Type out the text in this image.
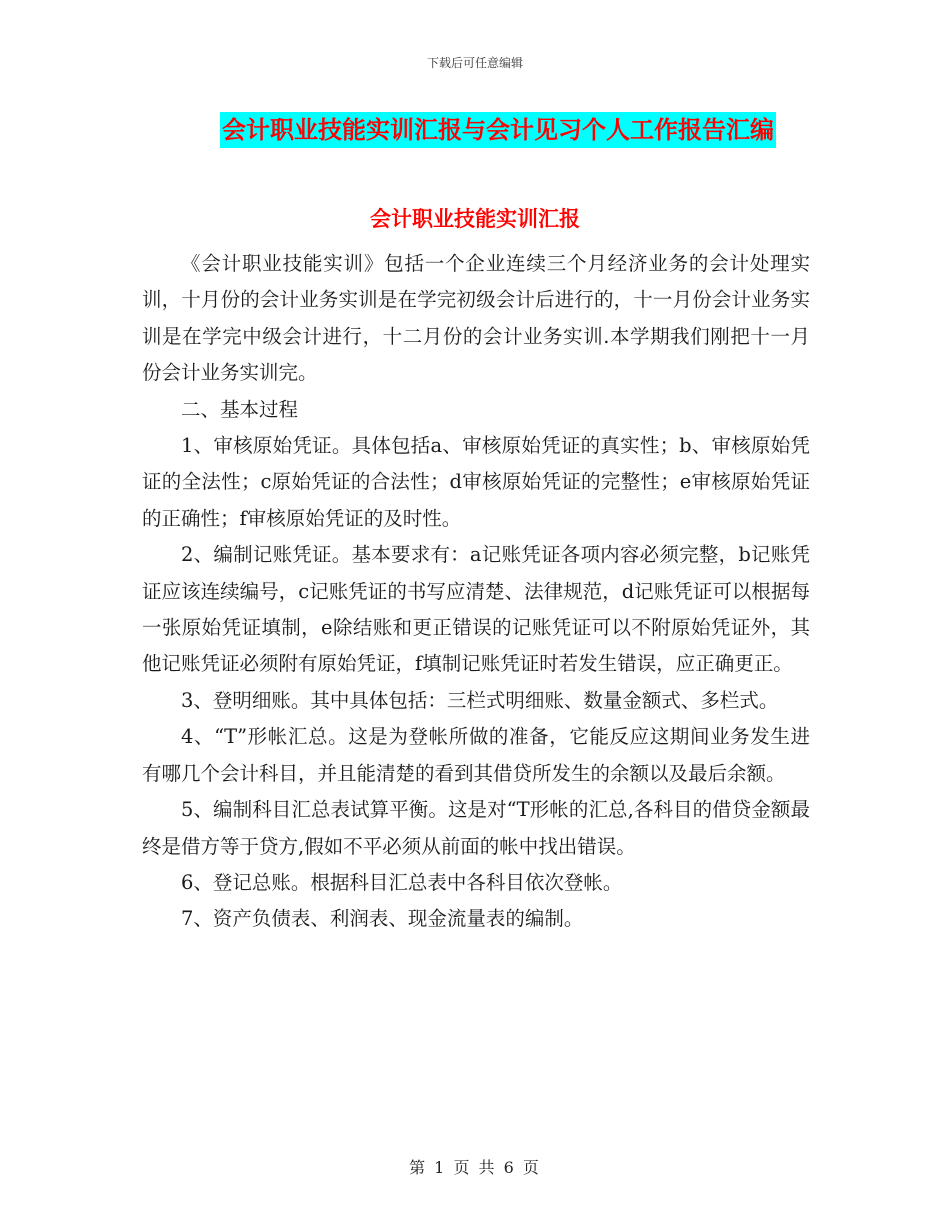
下载后可任意编辑
会计职业技能实训汇报与会计见习个人工作报告汇编
会计职业技能实训汇报

《会计职业技能实训》包括一个企业连续三个月经济业务的会计处理实训，十月份的会计业务实训是在学完初级会计后进行的，十一月份会计业务实训是在学完中级会计进行，十二月份的会计业务实训.本学期我们刚把十一月份会计业务实训完。

二、基本过程

1、审核原始凭证。具体包括a、审核原始凭证的真实性；b、审核原始凭证的全法性；c原始凭证的合法性；d审核原始凭证的完整性；e审核原始凭证的正确性；f审核原始凭证的及时性。

2、编制记账凭证。基本要求有：a记账凭证各项内容必须完整，b记账凭证应该连续编号，c记账凭证的书写应清楚、法律规范，d记账凭证可以根据每一张原始凭证填制，e除结账和更正错误的记账凭证可以不附原始凭证外，其他记账凭证必须附有原始凭证，f填制记账凭证时若发生错误，应正确更正。

3、登明细账。其中具体包括：三栏式明细账、数量金额式、多栏式。

4、“T”形帐汇总。这是为登帐所做的准备，它能反应这期间业务发生进有哪几个会计科目，并且能清楚的看到其借贷所发生的余额以及最后余额。

5、编制科目汇总表试算平衡。这是对“T形帐的汇总,各科目的借贷金额最终是借方等于贷方,假如不平必须从前面的帐中找出错误。

6、登记总账。根据科目汇总表中各科目依次登帐。

7、资产负债表、利润表、现金流量表的编制。

第 1 页 共 6 页
